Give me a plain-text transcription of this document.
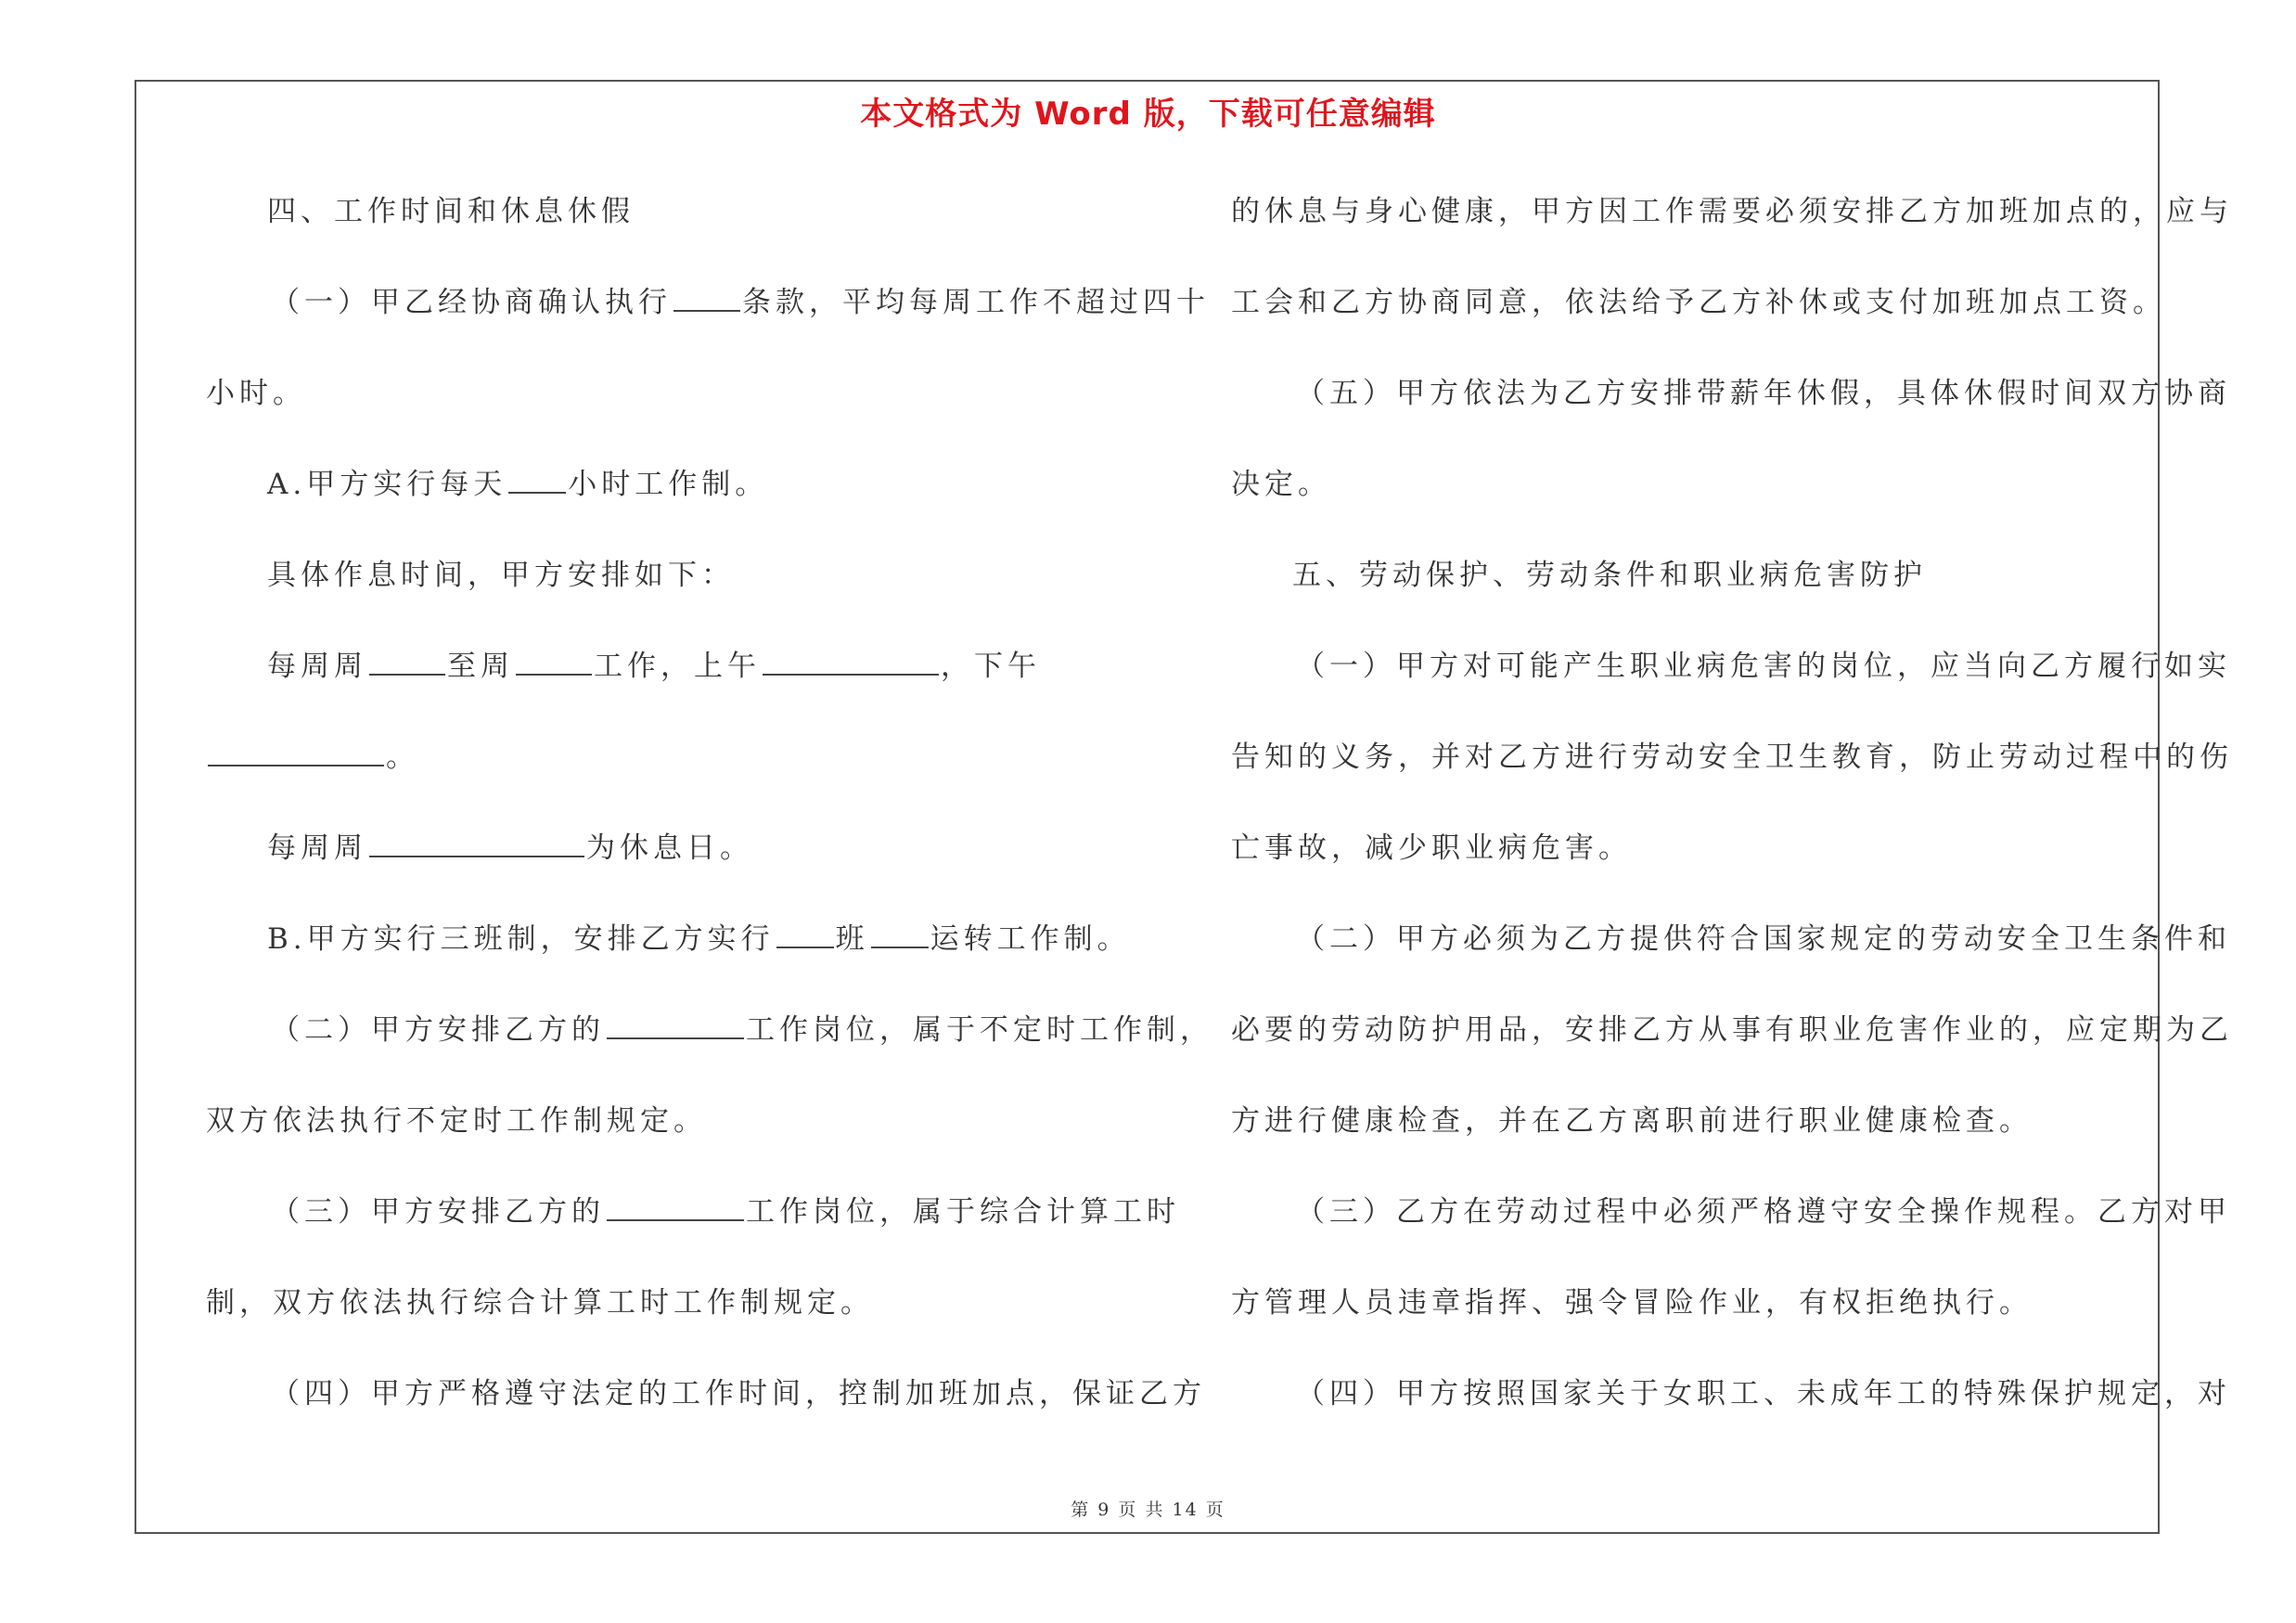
本文格式为 Word 版，下载可任意编辑
四、工作时间和休息休假
（一）甲乙经协商确认执行 条款，平均每周工作不超过四十
小时。
A.甲方实行每天 小时工作制。
具体作息时间，甲方安排如下：
每周周	至周	工作，上午	，下午
。
每周周	为休息日。
B.甲方实行三班制，安排乙方实行 班 运转工作制。
（二）甲方安排乙方的	工作岗位，属于不定时工作制，
双方依法执行不定时工作制规定。
（三）甲方安排乙方的	工作岗位，属于综合计算工时
制，双方依法执行综合计算工时工作制规定。
（四）甲方严格遵守法定的工作时间，控制加班加点，保证乙方
的休息与身心健康，甲方因工作需要必须安排乙方加班加点的，应与
工会和乙方协商同意，依法给予乙方补休或支付加班加点工资。
（五）甲方依法为乙方安排带薪年休假，具体休假时间双方协商
决定。
五、劳动保护、劳动条件和职业病危害防护
（一）甲方对可能产生职业病危害的岗位，应当向乙方履行如实
告知的义务，并对乙方进行劳动安全卫生教育，防止劳动过程中的伤
亡事故，减少职业病危害。
（二）甲方必须为乙方提供符合国家规定的劳动安全卫生条件和
必要的劳动防护用品，安排乙方从事有职业危害作业的，应定期为乙
方进行健康检查，并在乙方离职前进行职业健康检查。
（三）乙方在劳动过程中必须严格遵守安全操作规程。乙方对甲
方管理人员违章指挥、强令冒险作业，有权拒绝执行。
（四）甲方按照国家关于女职工、未成年工的特殊保护规定，对
第 9 页 共 14 页
